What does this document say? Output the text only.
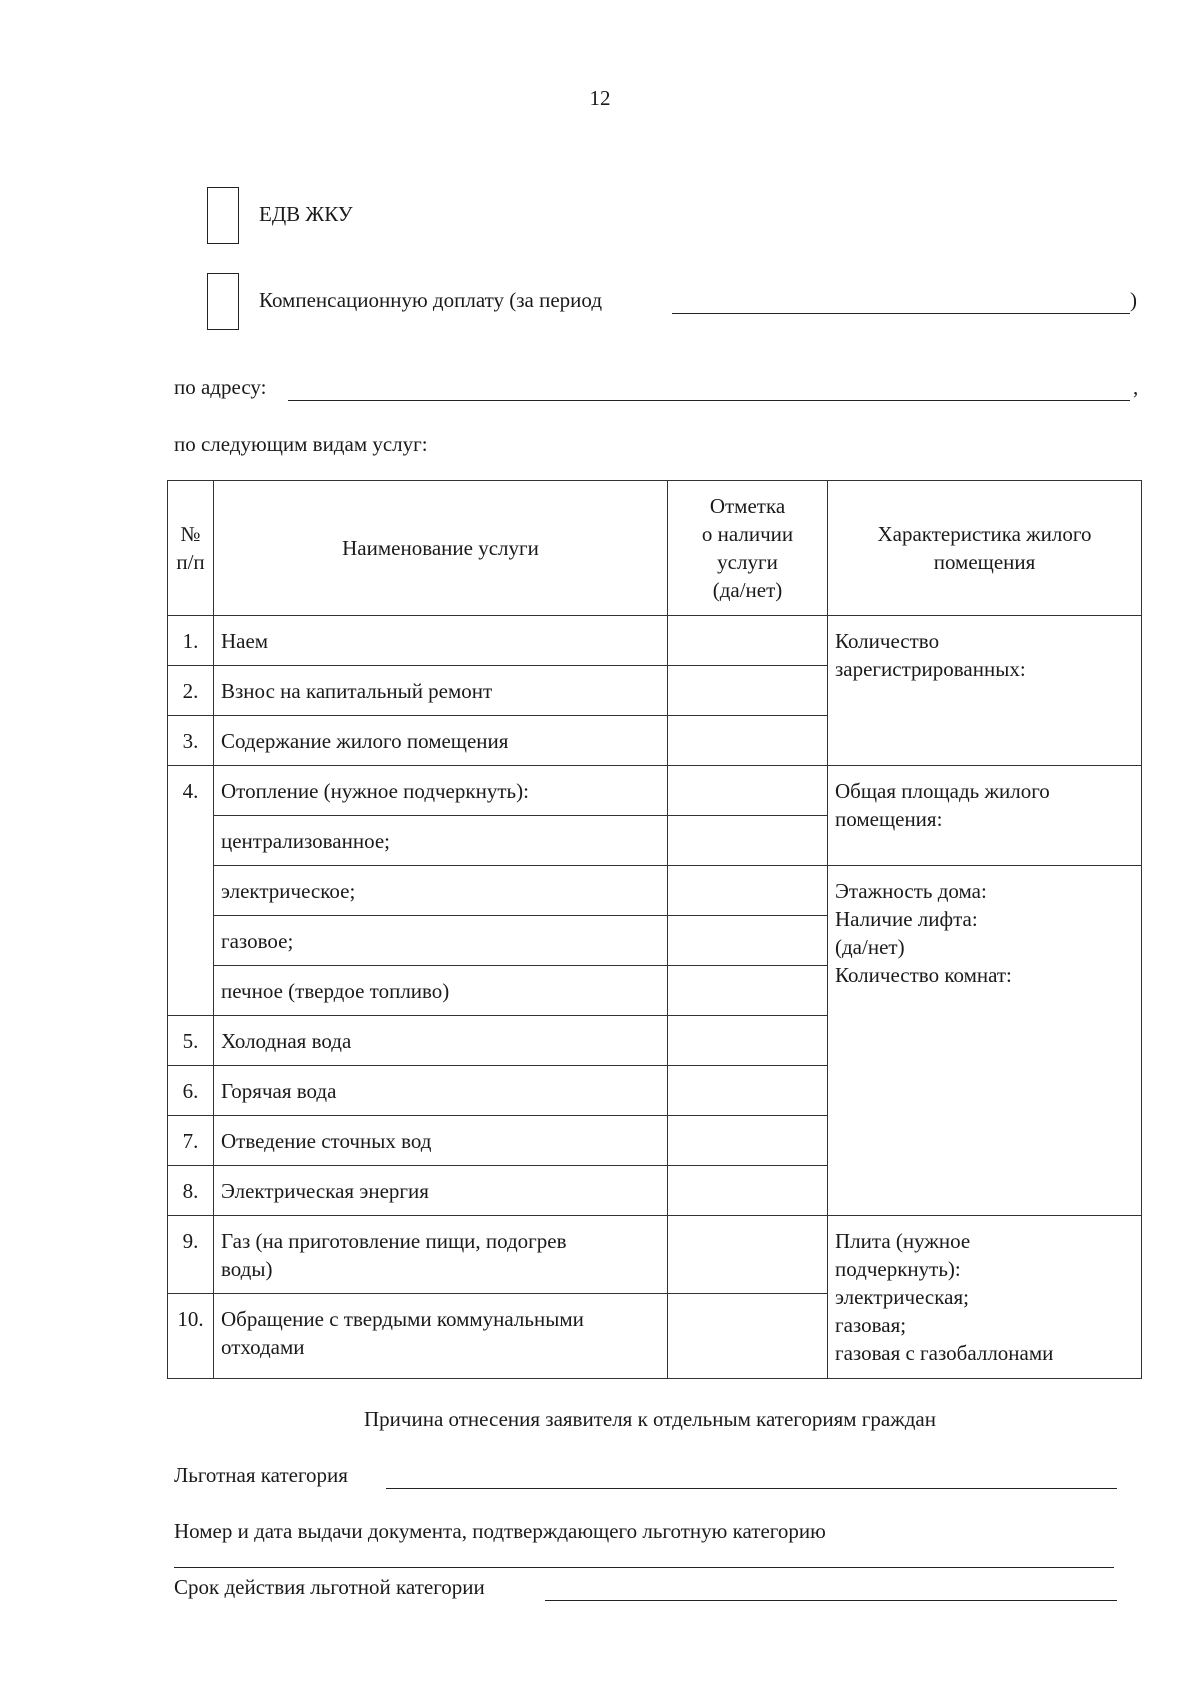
12
ЕДВ ЖКУ
Компенсационную доплату (за период	)
по адресу:	,
по следующим видам услуг:
№
п/п	Наименование услуги	Отметка
о наличии
услуги
(да/нет)	Характеристика жилого
помещения
1.	Наем		Количество
зарегистрированных:
2.	Взнос на капитальный ремонт		
3.	Содержание жилого помещения		
4.	Отопление (нужное подчеркнуть):		Общая площадь жилого
помещения:
	централизованное;		
	электрическое;		Этажность дома:
Наличие лифта:
(да/нет)
Количество комнат:
	газовое;		
	печное (твердое топливо)		
5.	Холодная вода		
6.	Горячая вода		
7.	Отведение сточных вод		
8.	Электрическая энергия		
9.	Газ (на приготовление пищи, подогрев
воды)		Плита (нужное
подчеркнуть):
электрическая;
газовая;
газовая с газобаллонами
10.	Обращение с твердыми коммунальными
отходами		
Причина отнесения заявителя к отдельным категориям граждан
Льготная категория
Номер и дата выдачи документа, подтверждающего льготную категорию
Срок действия льготной категории
